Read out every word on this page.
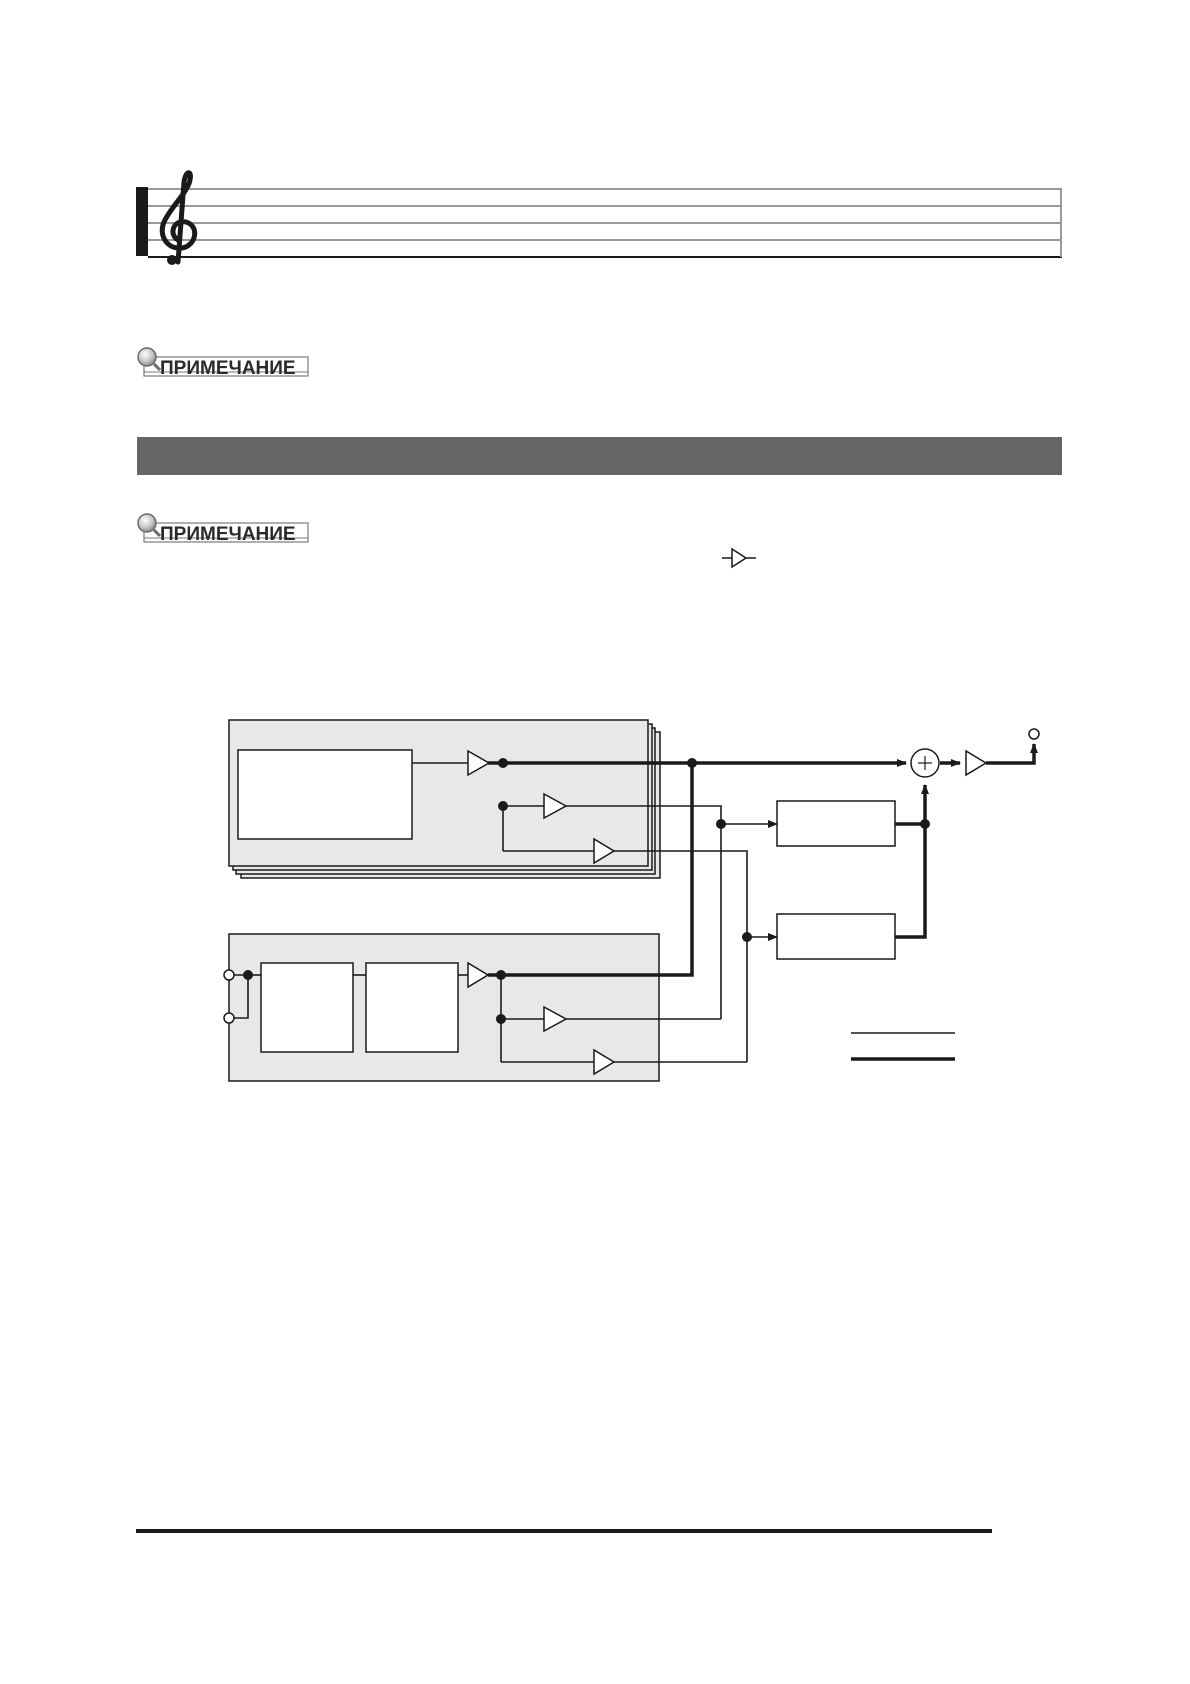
ПРИМЕЧАНИЕ
ПРИМЕЧАНИЕ
